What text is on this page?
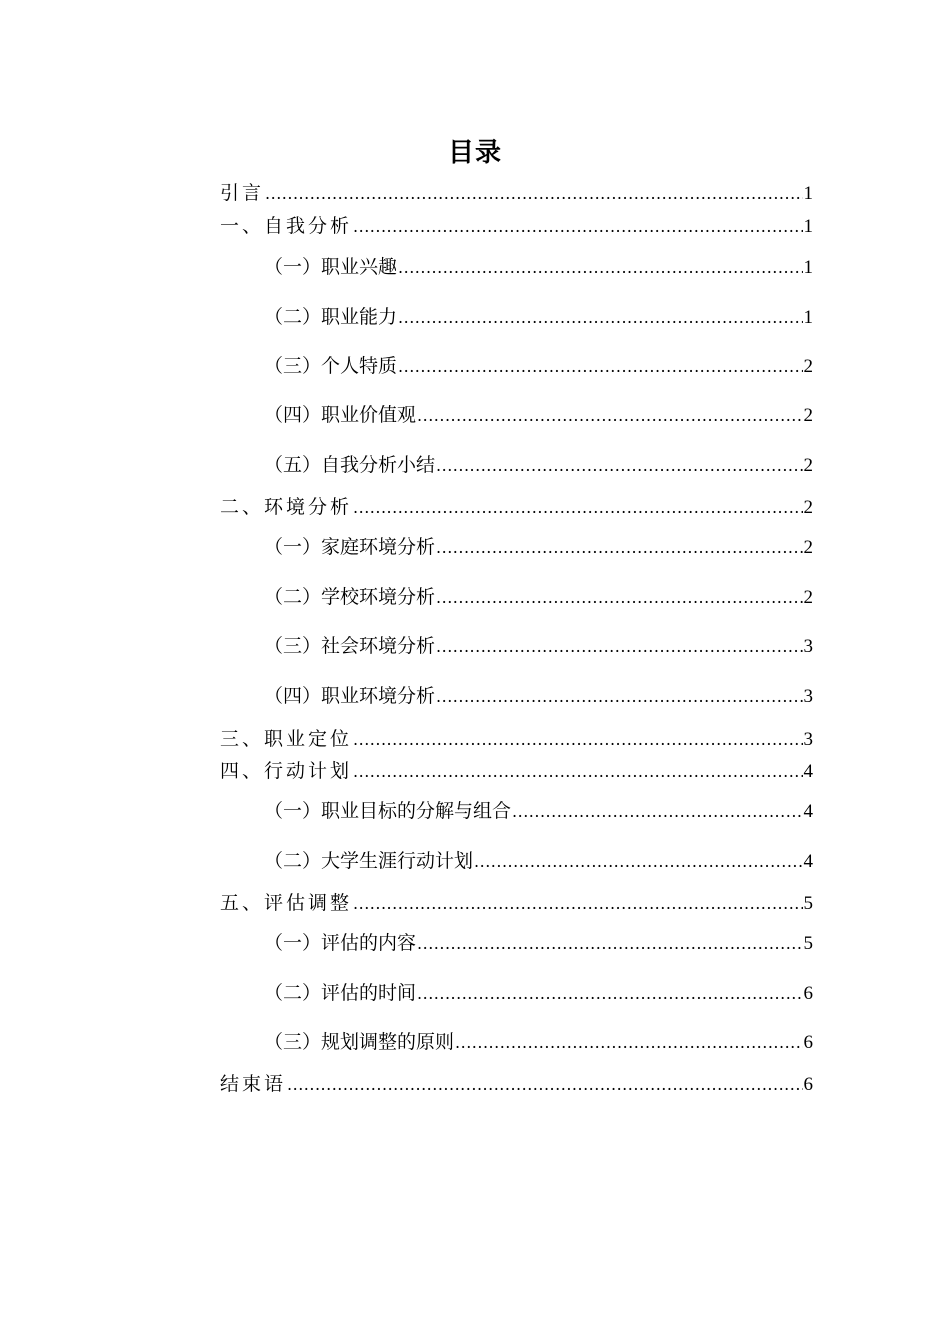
目录
引言 .....	1
一、自我分析 .....	1
（一）职业兴趣 .....	1
（二）职业能力 .....	1
（三）个人特质 .....	2
（四）职业价值观 .....	2
（五）自我分析小结 .....	2
二、环境分析 .....	2
（一）家庭环境分析 .....	2
（二）学校环境分析 .....	2
（三）社会环境分析 .....	3
（四）职业环境分析 .....	3
三、职业定位 .....	3
四、行动计划 .....	4
（一）职业目标的分解与组合 .....	4
（二）大学生涯行动计划 .....	4
五、评估调整 .....	5
（一）评估的内容 .....	5
（二）评估的时间 .....	6
（三）规划调整的原则 .....	6
结束语 .....	6
